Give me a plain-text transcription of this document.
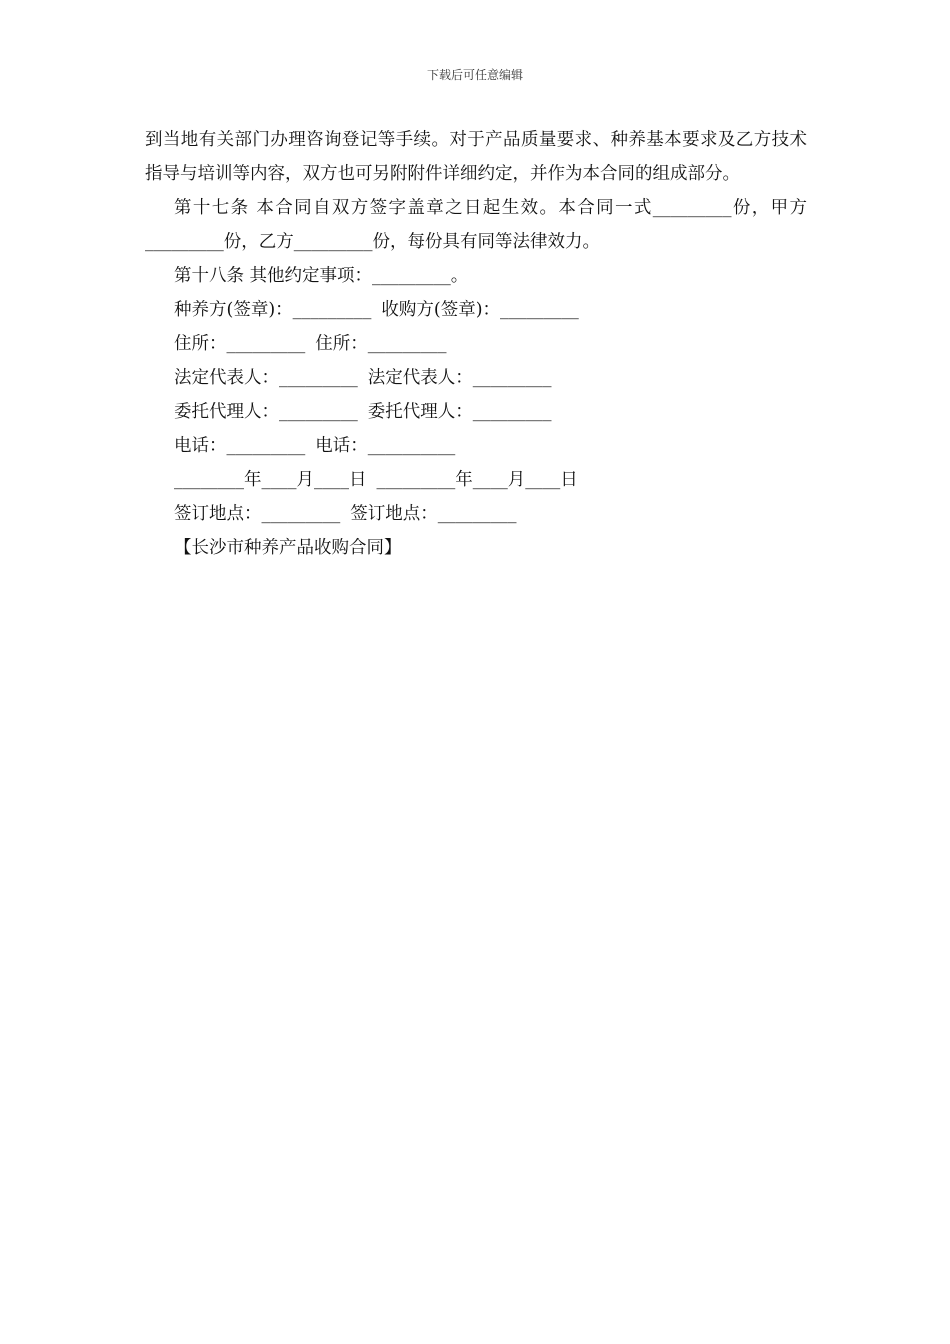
下载后可任意编辑

到当地有关部门办理咨询登记等手续。对于产品质量要求、种养基本要求及乙方技术指导与培训等内容，双方也可另附附件详细约定，并作为本合同的组成部分。

第十七条 本合同自双方签字盖章之日起生效。本合同一式_________份，甲方_________份，乙方_________份，每份具有同等法律效力。

第十八条 其他约定事项：_________。

种养方(签章)：_________ 收购方(签章)：_________

住所：_________ 住所：_________

法定代表人：_________ 法定代表人：_________

委托代理人：_________ 委托代理人：_________

电话：_________ 电话：__________

________年____月____日 _________年____月____日

签订地点：_________ 签订地点：_________

【长沙市种养产品收购合同】
